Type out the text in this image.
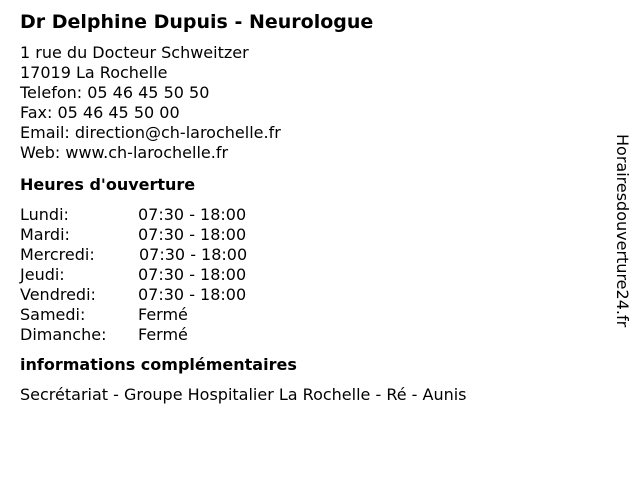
Dr Delphine Dupuis - Neurologue
1 rue du Docteur Schweitzer
17019 La Rochelle
Telefon: 05 46 45 50 50
Fax: 05 46 45 50 00
Email: direction@ch-larochelle.fr
Web: www.ch-larochelle.fr
Heures d'ouverture
Lundi:	07:30 - 18:00
Mardi:	07:30 - 18:00
Mercredi:	07:30 - 18:00
Jeudi:	07:30 - 18:00
Vendredi:	07:30 - 18:00
Samedi:	Fermé
Dimanche: Fermé
informations complémentaires
Secrétariat - Groupe Hospitalier La Rochelle - Ré - Aunis
Horairesdouverture24.fr
